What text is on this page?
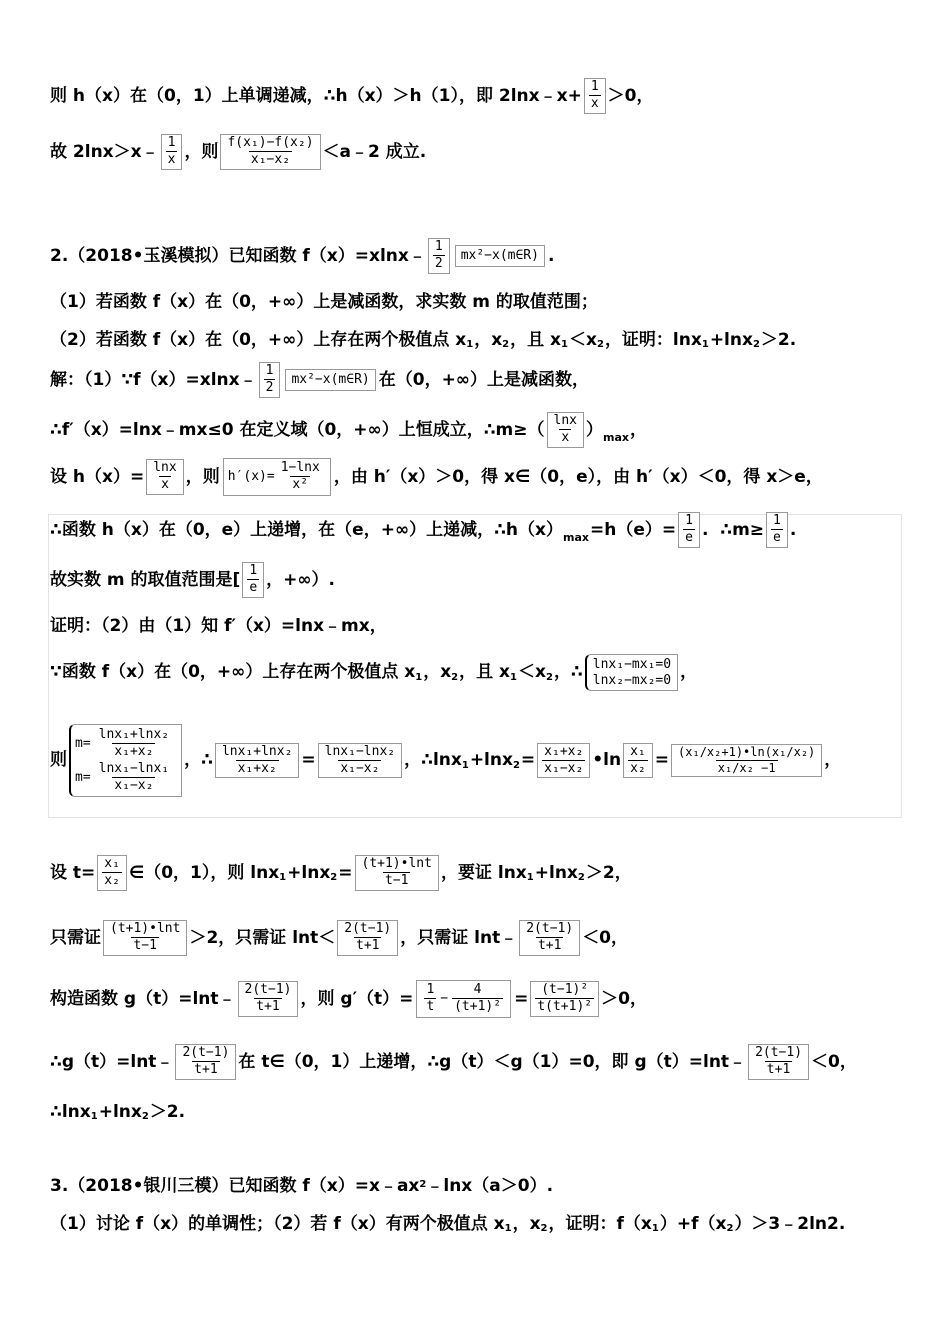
则 h（x）在（0，1）上单调递减，∴h（x）＞h（1），即 2lnx﹣x+ $\frac{1}{x} >0$，
故 2lnx＞x﹣ 1
x ，则 f(x₁)−f(x₂)
x₁−x₂ ＜a﹣2 成立.
2.（2018•玉溪模拟）已知函数 f（x）=xlnx﹣ 1
2
mx²−x(m∈R) .
（1）若函数 f（x）在（0，+∞）上是减函数，求实数 m 的取值范围；
（2）若函数 f（x）在（0，+∞）上存在两个极值点 x 1 ，x 2 ，且 x 1 ＜x 2 ，证明：lnx 1 +lnx 2 ＞2.
解：（1）∵f（x）=xlnx﹣ 1
2
mx²−x(m∈R) 在（0，+∞）上是减函数，
∴f′（x）=lnx﹣mx≤0 在定义域（0，+∞）上恒成立，∴m≥（ lnx
x ） max ，
设 $h(x)= \frac{\ln x}{x}$ ，则 $h'(x)= \frac{1-\ln x}{\text{x²}}$ ，由 h′（x）＞0，得 x∈（0，e），由 h′（x）＜0，得 x＞e，
∴函数 h（x）在（0，e）上递增，在（e，+∞）上递减，∴h（x） $\max =h(e)= \frac{1}{e}$ .  ∴m≥ $\frac{1}{e}$ .
故实数 m 的取值范围是[ 1
e ，+∞）.
证明：（2）由（1）知 f′（x）=lnx﹣mx，
∵函数 f（x）在（0，+∞）上存在两个极值点 x 1 ，x 2 ，且 x 1 ＜x 2 ，∴ lnx₁−mx₁=0
lnx₂−mx₂=0 ，
则
$m= \frac{\text{lnx₁+lnx₂}}{\text{x₁+x₂}}$
$m= \frac{\text{lnx₁−lnx₁}}{\text{x₁−x₂}}$
，∴ $\frac{\text{lnx₁+lnx₂}}{\text{x₁+x₂}} = \frac{\text{lnx₁−lnx₂}}{\text{x₁−x₂}}$ ，∴lnx 1 +lnx $2 = \frac{\text{x₁+x₂}}{\text{x₁−x₂}}$ •ln $\frac{\text{x₁}}{\text{x₂}} = \frac{\text{(x₁/x₂+1)•ln(x₁/x₂)}}{\text{x₁/x₂ −1}}$ ，
设 $t= \frac{\text{x₁}}{\text{x₂}}$ ∈（0，1），则 lnx 1 +lnx $2 = \frac{(t+1)•\ln t}{t-1}$ ，要证 lnx 1 +lnx 2 ＞2，
只需证 (t+1)•lnt
t−1 ＞2，只需证 lnt＜ 2(t−1)
t+1 ，只需证 lnt﹣ 2(t−1)
t+1 ＜0，
构造函数 g（t）=lnt﹣ 2(t−1)
t+1 ，则 g′（t）= 1
t
− $\frac{4}{\text{(t+1)²}} = \frac{\text{(t−1)²}}{\text{t(t+1)²}} >0$，
∴g（t）=lnt﹣ 2(t−1)
t+1 在 t∈（0，1）上递增，∴g（t）＜g（1）=0，即 g（t）=lnt﹣ 2(t−1)
t+1 ＜0，
∴lnx 1 +lnx 2 ＞2.
3.（2018•银川三模）已知函数 f（x）=x﹣ax 2 ﹣lnx（a＞0）.
（1）讨论 f（x）的单调性；（2）若 f（x）有两个极值点 x 1 ，x 2 ，证明：f（x 1 ）+f（x 2 ）＞3﹣2ln2.
